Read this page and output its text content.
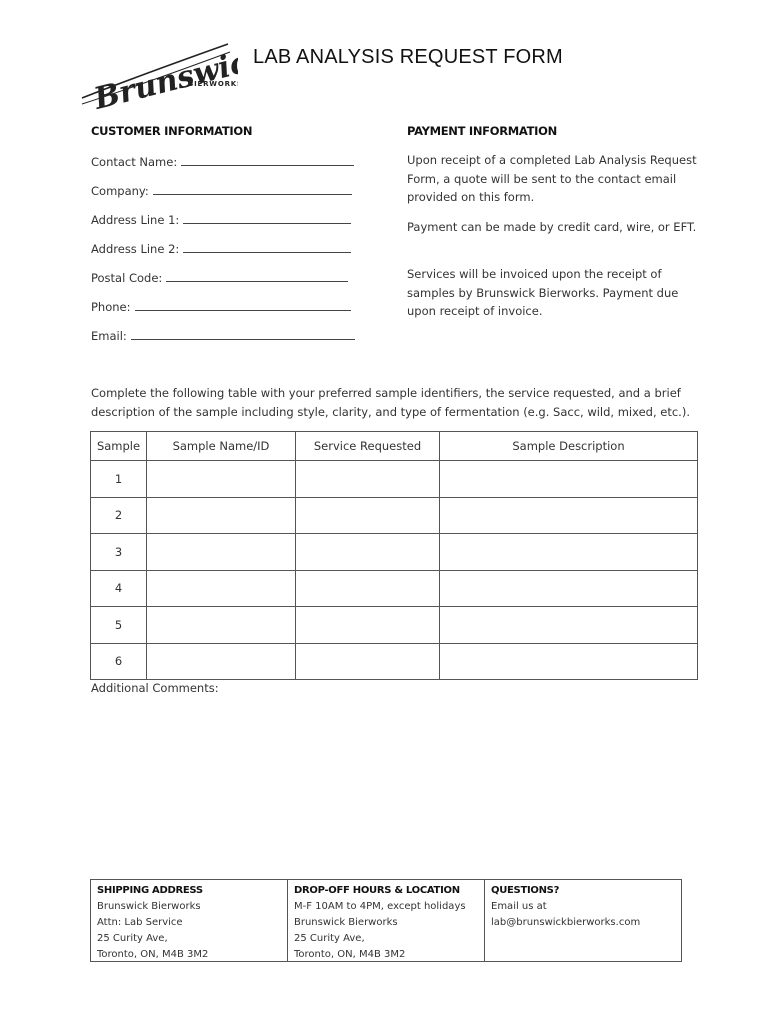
Brunswick
BIERWORKS
LAB ANALYSIS REQUEST FORM
CUSTOMER INFORMATION
Contact Name:
Company:
Address Line 1:
Address Line 2:
Postal Code:
Phone:
Email:
PAYMENT INFORMATION
Upon receipt of a completed Lab Analysis Request Form, a quote will be sent to the contact email provided on this form.
Payment can be made by credit card, wire, or EFT.
Services will be invoiced upon the receipt of samples by Brunswick Bierworks. Payment due upon receipt of invoice.
Complete the following table with your preferred sample identifiers, the service requested, and a brief description of the sample including style, clarity, and type of fermentation (e.g. Sacc, wild, mixed, etc.).
Sample	Sample Name/ID	Service Requested	Sample Description
1			
2			
3			
4			
5			
6			
Additional Comments:
SHIPPING ADDRESS
Brunswick Bierworks
Attn: Lab Service
25 Curity Ave,
Toronto, ON, M4B 3M2
DROP-OFF HOURS & LOCATION
M-F 10AM to 4PM, except holidays
Brunswick Bierworks
25 Curity Ave,
Toronto, ON, M4B 3M2
QUESTIONS?
Email us at
lab@brunswickbierworks.com
